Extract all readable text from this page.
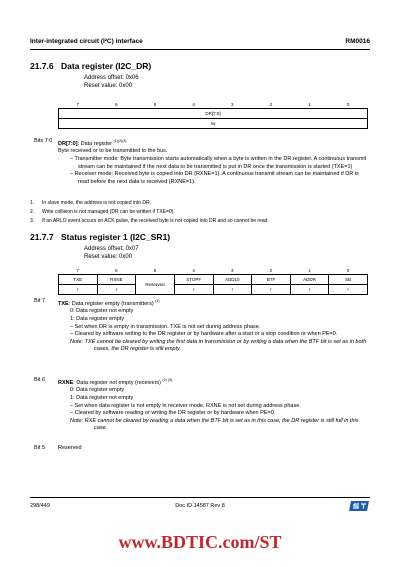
Inter-integrated circuit (I²C) interface	RM0016
21.7.6 Data register (I2C_DR)
Address offset: 0x06
Reset value: 0x00
7	6	5	4	3	2	1	0
DR[7:0]
rw
Bits 7:0 DR[7:0]: Data register $^{(1)(2)(3)}$

Byte received or to be transmitted to the bus.

– Transmitter mode: Byte transmission starts automatically when a byte is written in the DR register. A continuous transmit stream can be maintained if the next data to be transmitted is put in DR once the transmission is started (TXE=1)

– Receiver mode: Received byte is copied into DR (RXNE=1). A continuous transmit stream can be maintained if DR is read before the next data is received (RXNE=1).

1. In slave mode, the address is not copied into DR.
2. Write collision is not managed (DR can be written if TXE=0).
3. If an ARLO event occurs on ACK pulse, the received byte is not copied into DR and so cannot be read.
21.7.7 Status register 1 (I2C_SR1)
Address offset: 0x07
Reset value: 0x00
7	6	5	4	3	2	1	0
TXE	RXNE	Reserved	STOPF	ADD10	BTF	ADDR	SB
r	r		r	r	r	r	r
Bit 7 TXE: Data register empty (transmitters) $^{(1)}$

0: Data register not empty

1: Data register empty

– Set when DR is empty in transmission. TXE is not set during address phase.

– Cleared by software writing to the DR register or by hardware after a start or a stop condition or when PE=0.

Note: TXE cannot be cleared by writing the first data in transmission or by writing a data when the BTF bit is set as in both cases, the DR register is still empty.

Bit 6 RXNE: Data register not empty (receivers) $^{(2) (3)}$

0: Data register empty

1: Data register not empty

– Set when data register is not empty in receiver mode. RXNE is not set during address phase.

– Cleared by software reading or writing the DR register or by hardware when PE=0.

Note: RXE cannot be cleared by reading a data when the BTF bit is set as in this case, the DR register is still full in this case.

Bit 5 Reserved

298/449	Doc ID 14587 Rev 8
www.BDTIC.com/ST
